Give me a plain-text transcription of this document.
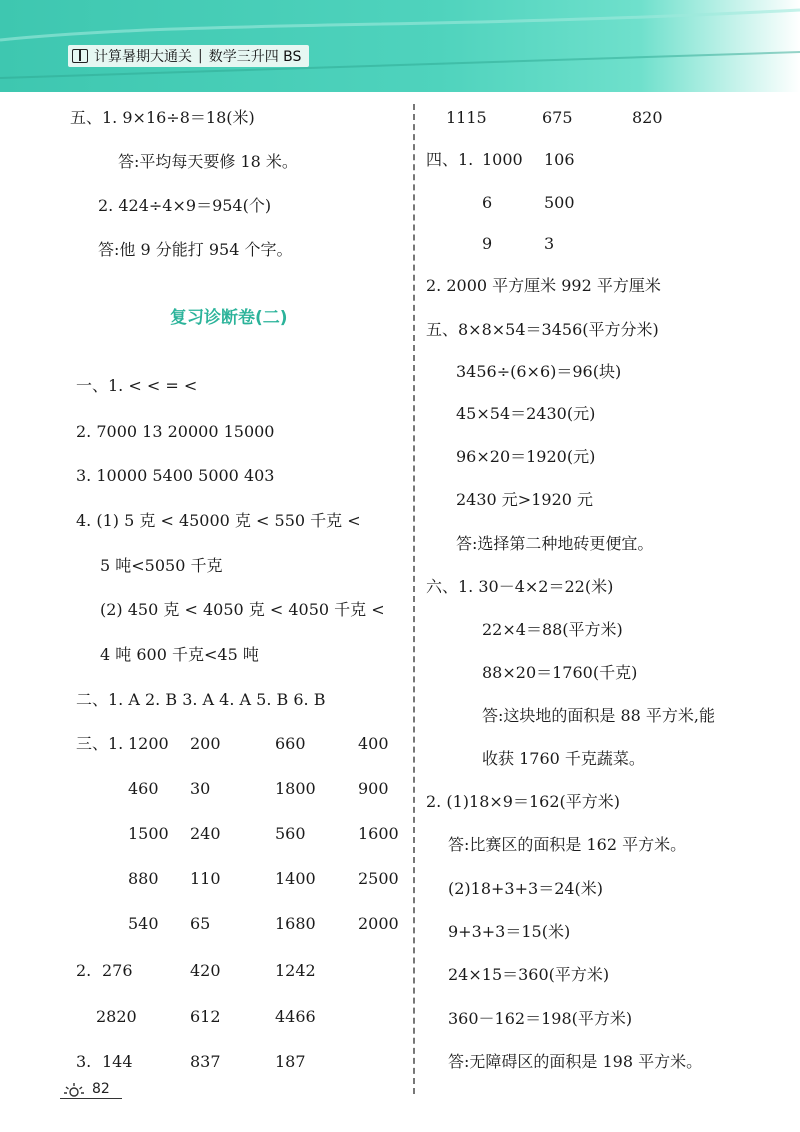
计算暑期大通关 | 数学三升四 BS
五、1. 9×16÷8＝18(米)
答:平均每天要修 18 米。
2. 424÷4×9＝954(个)
答:他 9 分能打 954 个字。
复习诊断卷(二)
一、1. < < = <
2. 7000 13 20000 15000
3. 10000 5400 5000 403
4. (1) 5 克 < 45000 克 < 550 千克 <
5 吨<5050 千克
(2) 450 克 < 4050 克 < 4050 千克 <
4 吨 600 千克<45 吨
二、1. A 2. B 3. A 4. A 5. B 6. B
三、1. 1200 200	660	400
460 30	1800	900
1500 240	560	1600
880 110	1400	2500
540 65	1680	2000
2. 276	420	1242
2820	612	4466
3. 144	837	187
1115	675	820
四、1. 1000 106
6	500
9	3
2. 2000 平方厘米 992 平方厘米
五、8×8×54＝3456(平方分米)
3456÷(6×6)＝96(块)
45×54＝2430(元)
96×20＝1920(元)
2430 元>1920 元
答:选择第二种地砖更便宜。
六、1. 30－4×2＝22(米)
22×4＝88(平方米)
88×20＝1760(千克)
答:这块地的面积是 88 平方米,能
收获 1760 千克蔬菜。
2. (1)18×9＝162(平方米)
答:比赛区的面积是 162 平方米。
(2)18+3+3＝24(米)
9+3+3＝15(米)
24×15＝360(平方米)
360－162＝198(平方米)
答:无障碍区的面积是 198 平方米。
82
